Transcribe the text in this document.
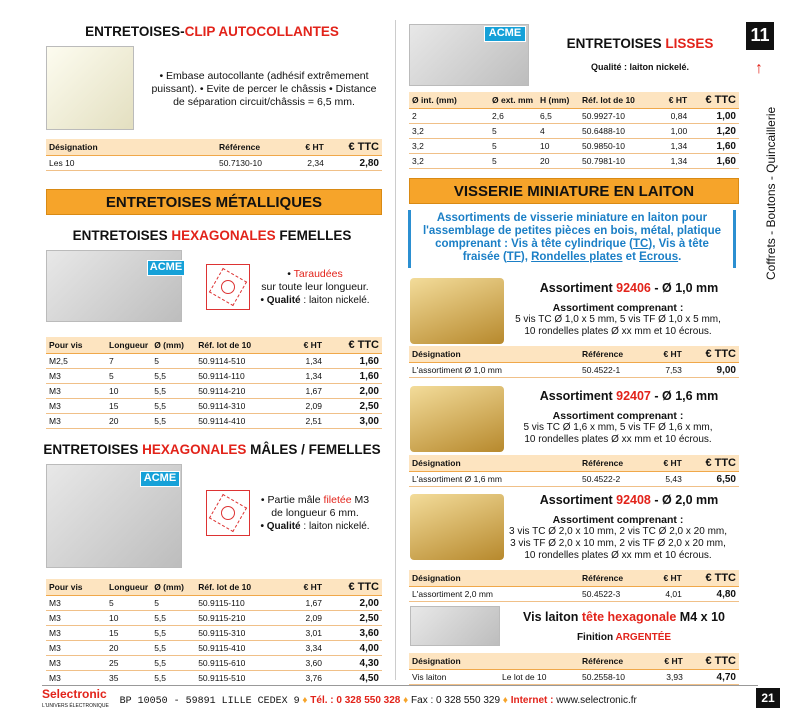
ENTRETOISES-CLIP AUTOCOLLANTES
• Embase autocollante (adhésif extrêmement
puissant). • Evite de percer le châssis • Distance
de séparation circuit/châssis = 6,5 mm.
Désignation	Référence	€ HT	€ TTC
Les 10	50.7130-10	2,34	2,80
ENTRETOISES MÉTALLIQUES
ENTRETOISES HEXAGONALES FEMELLES
ACME
• Taraudées
sur toute leur longueur.
• Qualité : laiton nickelé.
Pour vis	Longueur	Ø (mm)	Réf. lot de 10	€ HT	€ TTC
M2,5	7	5	50.9114-510	1,34	1,60
M3	5	5,5	50.9114-110	1,34	1,60
M3	10	5,5	50.9114-210	1,67	2,00
M3	15	5,5	50.9114-310	2,09	2,50
M3	20	5,5	50.9114-410	2,51	3,00
ENTRETOISES HEXAGONALES MÂLES / FEMELLES
ACME
• Partie mâle filetée M3
de longueur 6 mm.
• Qualité : laiton nickelé.
Pour vis	Longueur	Ø (mm)	Réf. lot de 10	€ HT	€ TTC
M3	5	5	50.9115-110	1,67	2,00
M3	10	5,5	50.9115-210	2,09	2,50
M3	15	5,5	50.9115-310	3,01	3,60
M3	20	5,5	50.9115-410	3,34	4,00
M3	25	5,5	50.9115-610	3,60	4,30
M3	35	5,5	50.9115-510	3,76	4,50
ACME
ENTRETOISES LISSES
Qualité : laiton nickelé.
Ø int. (mm)	Ø ext. mm	H (mm)	Réf. lot de 10	€ HT	€ TTC
2	2,6	6,5	50.9927-10	0,84	1,00
3,2	5	4	50.6488-10	1,00	1,20
3,2	5	10	50.9850-10	1,34	1,60
3,2	5	20	50.7981-10	1,34	1,60
VISSERIE MINIATURE EN LAITON
Assortiments de visserie miniature en laiton pour
l'assemblage de petites pièces en bois, métal, platique
comprenant : Vis à tête cylindrique (TC), Vis à tête
fraisée (TF), Rondelles plates et Ecrous.
Assortiment 92406 - Ø 1,0 mm
Assortiment comprenant :
5 vis TC Ø 1,0 x 5 mm, 5 vis TF Ø 1,0 x 5 mm,
10 rondelles plates Ø xx mm et 10 écrous.
Désignation	Référence	€ HT	€ TTC
L'assortiment Ø 1,0 mm	50.4522-1	7,53	9,00
Assortiment 92407 - Ø 1,6 mm
Assortiment comprenant :
5 vis TC Ø 1,6 x mm, 5 vis TF Ø 1,6 x mm,
10 rondelles plates Ø xx mm et 10 écrous.
Désignation	Référence	€ HT	€ TTC
L'assortiment Ø 1,6 mm	50.4522-2	5,43	6,50
Assortiment 92408 - Ø 2,0 mm
Assortiment comprenant :
3 vis TC Ø 2,0 x 10 mm, 2 vis TC Ø 2,0 x 20 mm,
3 vis TF Ø 2,0 x 10 mm, 2 vis TF Ø 2,0 x 20 mm,
10 rondelles plates Ø xx mm et 10 écrous.
Désignation	Référence	€ HT	€ TTC
L'assortiment 2,0 mm	50.4522-3	4,01	4,80
Vis laiton tête hexagonale M4 x 10
Finition ARGENTÉE
Désignation		Référence	€ HT	€ TTC
Vis laiton	Le lot de 10	50.2558-10	3,93	4,70
11
↑
Coffrets - Boutons - Quincaillerie
Selectronic
L'UNIVERS ÉLECTRONIQUE BP 10050 - 59891 LILLE CEDEX 9 ♦ Tél. : 0 328 550 328 ♦ Fax : 0 328 550 329 ♦ Internet : www.selectronic.fr	21
